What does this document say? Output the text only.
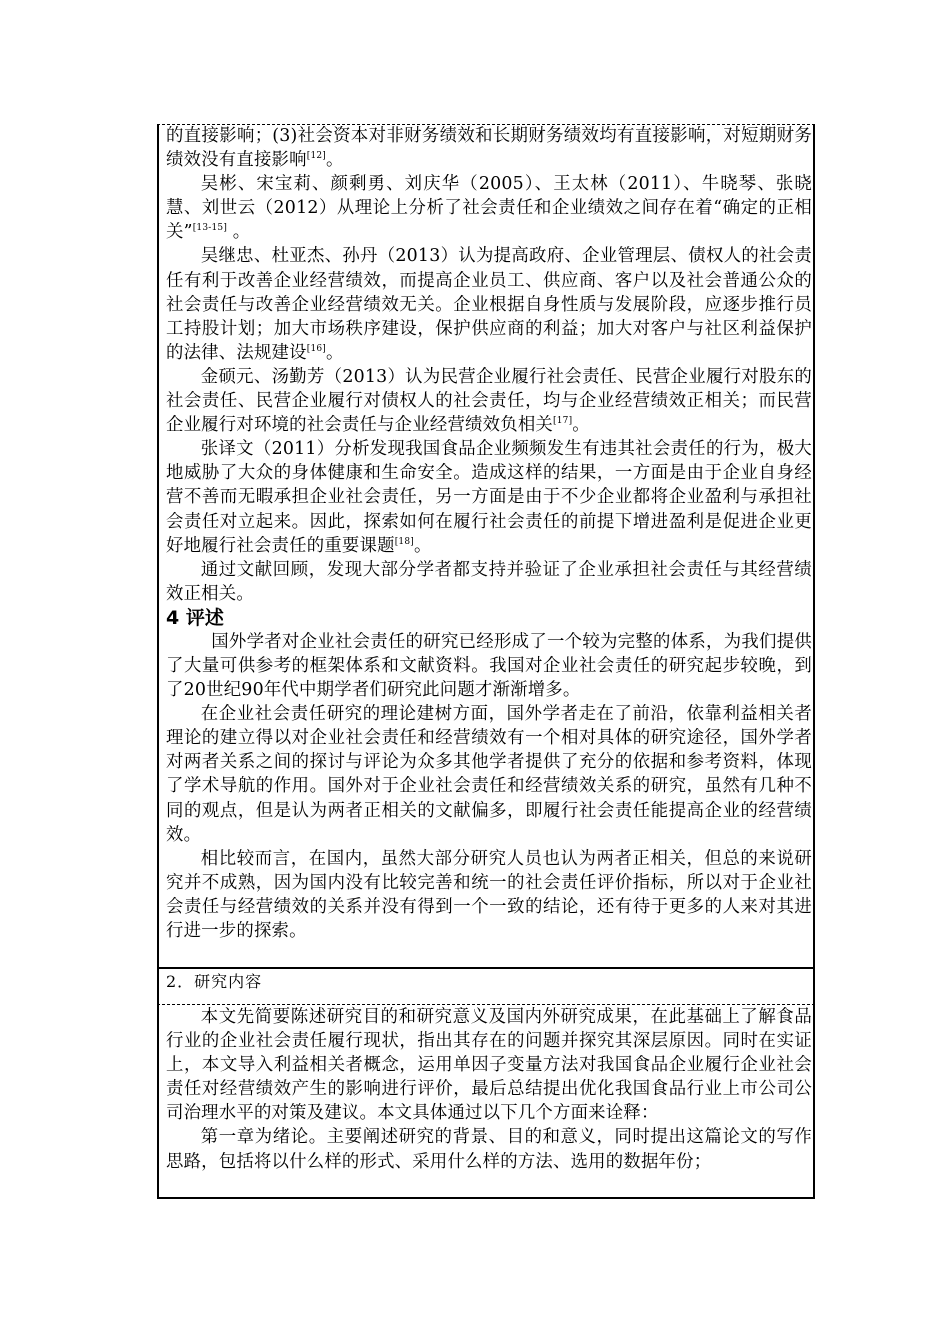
的直接影响；(3)社会资本对非财务绩效和长期财务绩效均有直接影响，对短期财务绩效没有直接影响[12]。

吴彬、宋宝莉、颜剩勇、刘庆华（2005）、王太林（2011）、牛晓琴、张晓慧、刘世云（2012）从理论上分析了社会责任和企业绩效之间存在着“确定的正相关”[13-15] 。

吴继忠、杜亚杰、孙丹（2013）认为提高政府、企业管理层、债权人的社会责任有利于改善企业经营绩效，而提高企业员工、供应商、客户以及社会普通公众的社会责任与改善企业经营绩效无关。企业根据自身性质与发展阶段，应逐步推行员工持股计划；加大市场秩序建设，保护供应商的利益；加大对客户与社区利益保护的法律、法规建设[16]。

金硕元、汤勤芳（2013）认为民营企业履行社会责任、民营企业履行对股东的社会责任、民营企业履行对债权人的社会责任，均与企业经营绩效正相关；而民营企业履行对环境的社会责任与企业经营绩效负相关[17]。

张译文（2011）分析发现我国食品企业频频发生有违其社会责任的行为，极大地威胁了大众的身体健康和生命安全。造成这样的结果，一方面是由于企业自身经营不善而无暇承担企业社会责任，另一方面是由于不少企业都将企业盈利与承担社会责任对立起来。因此，探索如何在履行社会责任的前提下增进盈利是促进企业更好地履行社会责任的重要课题[18]。

通过文献回顾，发现大部分学者都支持并验证了企业承担社会责任与其经营绩效正相关。

4 评述

国外学者对企业社会责任的研究已经形成了一个较为完整的体系，为我们提供了大量可供参考的框架体系和文献资料。我国对企业社会责任的研究起步较晚，到了20世纪90年代中期学者们研究此问题才渐渐增多。

在企业社会责任研究的理论建树方面，国外学者走在了前沿，依靠利益相关者理论的建立得以对企业社会责任和经营绩效有一个相对具体的研究途径，国外学者对两者关系之间的探讨与评论为众多其他学者提供了充分的依据和参考资料，体现了学术导航的作用。国外对于企业社会责任和经营绩效关系的研究，虽然有几种不同的观点，但是认为两者正相关的文献偏多，即履行社会责任能提高企业的经营绩效。

相比较而言，在国内，虽然大部分研究人员也认为两者正相关，但总的来说研究并不成熟，因为国内没有比较完善和统一的社会责任评价指标，所以对于企业社会责任与经营绩效的关系并没有得到一个一致的结论，还有待于更多的人来对其进行进一步的探索。

2．研究内容

本文先简要陈述研究目的和研究意义及国内外研究成果，在此基础上了解食品行业的企业社会责任履行现状，指出其存在的问题并探究其深层原因。同时在实证上，本文导入利益相关者概念，运用单因子变量方法对我国食品企业履行企业社会责任对经营绩效产生的影响进行评价，最后总结提出优化我国食品行业上市公司公司治理水平的对策及建议。本文具体通过以下几个方面来诠释：

第一章为绪论。主要阐述研究的背景、目的和意义，同时提出这篇论文的写作思路，包括将以什么样的形式、采用什么样的方法、选用的数据年份；
